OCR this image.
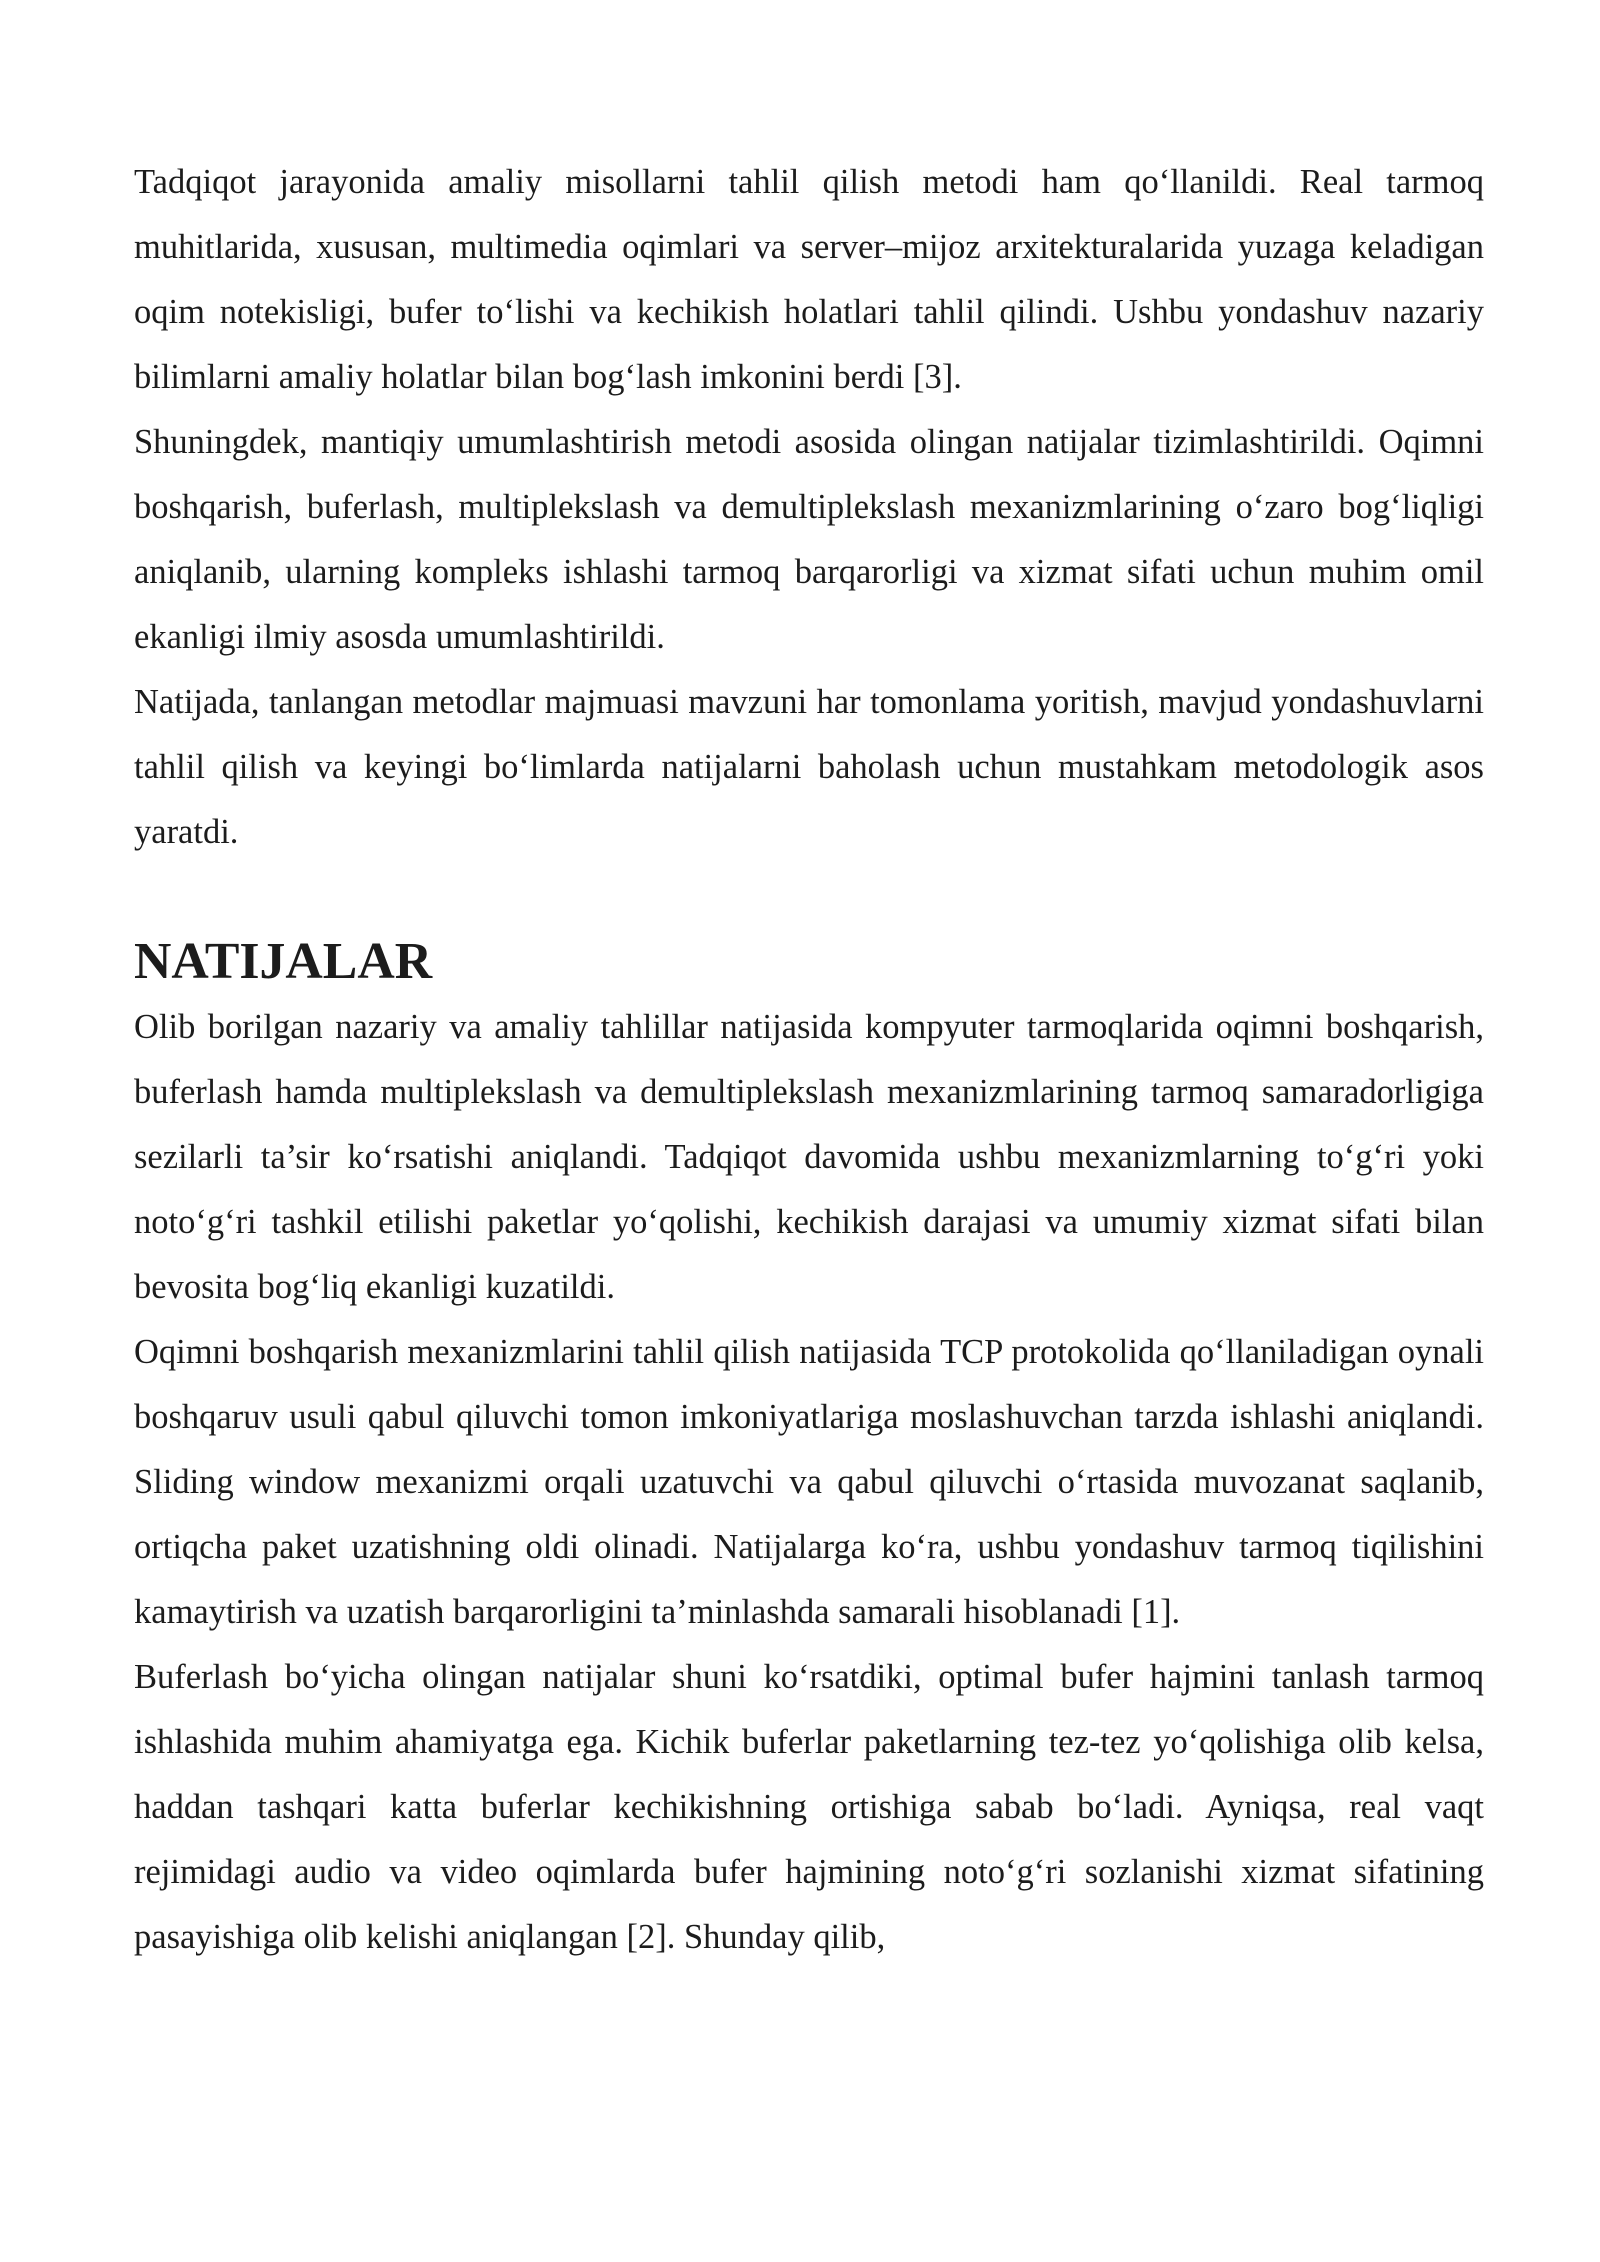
Tadqiqot jarayonida amaliy misollarni tahlil qilish metodi ham qo‘llanildi. Real tarmoq muhitlarida, xususan, multimedia oqimlari va server–mijoz arxitekturalarida yuzaga keladigan oqim notekisligi, bufer to‘lishi va kechikish holatlari tahlil qilindi. Ushbu yondashuv nazariy bilimlarni amaliy holatlar bilan bog‘lash imkonini berdi [3].

Shuningdek, mantiqiy umumlashtirish metodi asosida olingan natijalar tizimlashtirildi. Oqimni boshqarish, buferlash, multiplekslash va demultiplekslash mexanizmlarining o‘zaro bog‘liqligi aniqlanib, ularning kompleks ishlashi tarmoq barqarorligi va xizmat sifati uchun muhim omil ekanligi ilmiy asosda umumlashtirildi.

Natijada, tanlangan metodlar majmuasi mavzuni har tomonlama yoritish, mavjud yondashuvlarni tahlil qilish va keyingi bo‘limlarda natijalarni baholash uchun mustahkam metodologik asos yaratdi.

NATIJALAR

Olib borilgan nazariy va amaliy tahlillar natijasida kompyuter tarmoqlarida oqimni boshqarish, buferlash hamda multiplekslash va demultiplekslash mexanizmlarining tarmoq samaradorligiga sezilarli ta’sir ko‘rsatishi aniqlandi. Tadqiqot davomida ushbu mexanizmlarning to‘g‘ri yoki noto‘g‘ri tashkil etilishi paketlar yo‘qolishi, kechikish darajasi va umumiy xizmat sifati bilan bevosita bog‘liq ekanligi kuzatildi.

Oqimni boshqarish mexanizmlarini tahlil qilish natijasida TCP protokolida qo‘llaniladigan oynali boshqaruv usuli qabul qiluvchi tomon imkoniyatlariga moslashuvchan tarzda ishlashi aniqlandi. Sliding window mexanizmi orqali uzatuvchi va qabul qiluvchi o‘rtasida muvozanat saqlanib, ortiqcha paket uzatishning oldi olinadi. Natijalarga ko‘ra, ushbu yondashuv tarmoq tiqilishini kamaytirish va uzatish barqarorligini ta’minlashda samarali hisoblanadi [1].

Buferlash bo‘yicha olingan natijalar shuni ko‘rsatdiki, optimal bufer hajmini tanlash tarmoq ishlashida muhim ahamiyatga ega. Kichik buferlar paketlarning tez-tez yo‘qolishiga olib kelsa, haddan tashqari katta buferlar kechikishning ortishiga sabab bo‘ladi. Ayniqsa, real vaqt rejimidagi audio va video oqimlarda bufer hajmining noto‘g‘ri sozlanishi xizmat sifatining pasayishiga olib kelishi aniqlangan [2]. Shunday qilib,
